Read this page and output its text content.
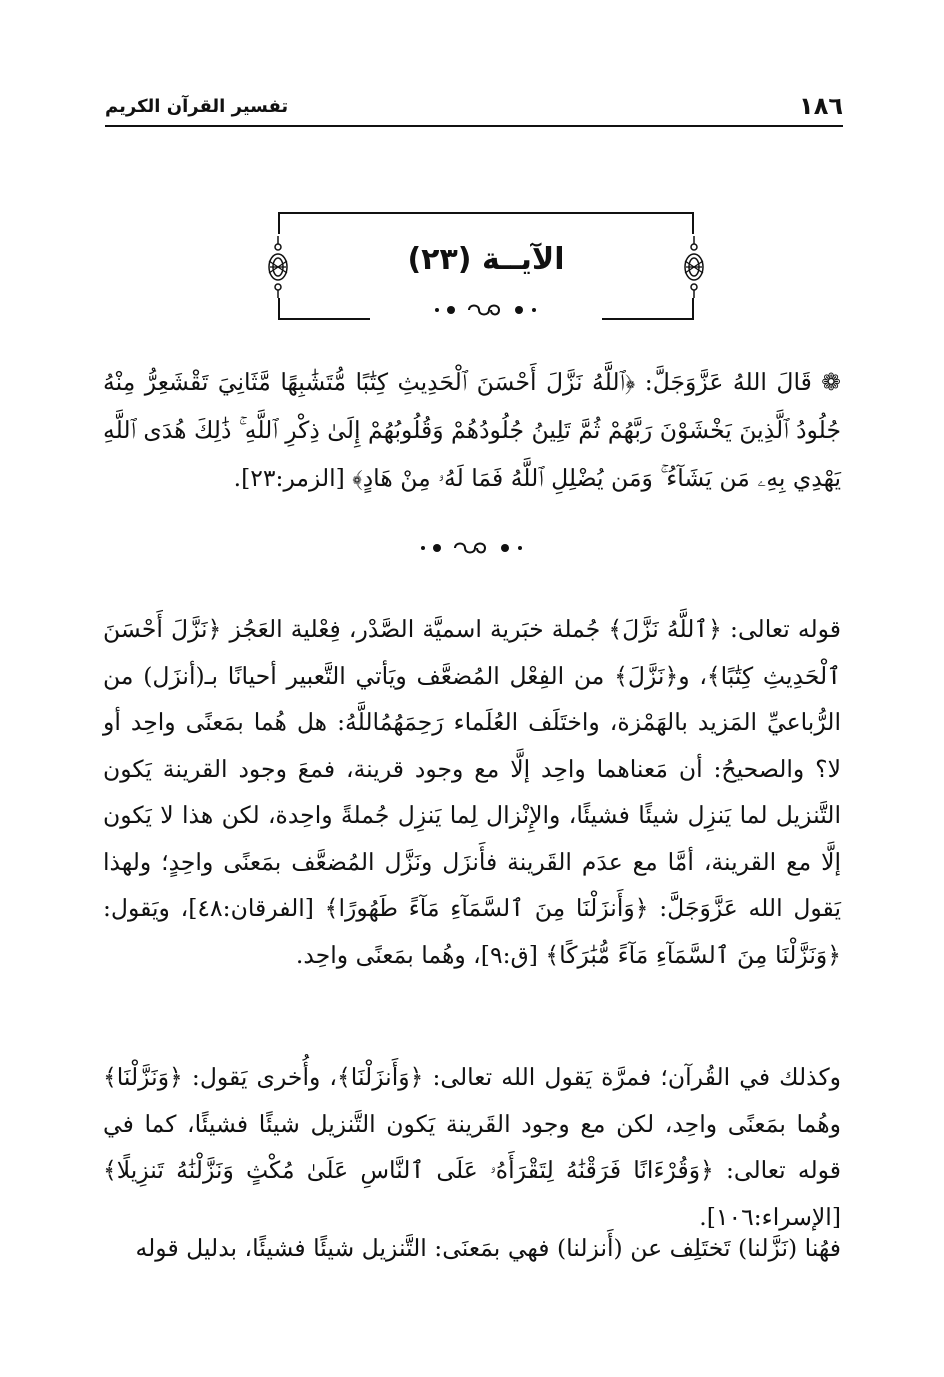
١٨٦
تفسير القرآن الكريم
الآيــة (٢٣)

❁ قَالَ اللهُ عَزَّوَجَلَّ: ﴿ٱللَّهُ نَزَّلَ أَحْسَنَ ٱلْحَدِيثِ كِتَٰبًا مُّتَشَٰبِهًا مَّثَانِيَ تَقْشَعِرُّ مِنْهُ جُلُودُ ٱلَّذِينَ يَخْشَوْنَ رَبَّهُمْ ثُمَّ تَلِينُ جُلُودُهُمْ وَقُلُوبُهُمْ إِلَىٰ ذِكْرِ ٱللَّهِ ۚ ذَٰلِكَ هُدَى ٱللَّهِ يَهْدِي بِهِۦ مَن يَشَآءُ ۚ وَمَن يُضْلِلِ ٱللَّهُ فَمَا لَهُۥ مِنْ هَادٍ﴾ [الزمر:٢٣].

قوله تعالى: ﴿ٱللَّهُ نَزَّلَ﴾ جُملة خبَرية اسميَّة الصَّدْر، فِعْلية العَجُز ﴿نَزَّلَ أَحْسَنَ ٱلْحَدِيثِ كِتَٰبًا﴾، و﴿نَزَّلَ﴾ من الفِعْل المُضعَّف ويَأتي التَّعبير أحيانًا بـ(أنزَل) من الرُّباعيِّ المَزيد بالهَمْزة، واختَلَف العُلَماء رَحِمَهُمُاللَّهُ: هل هُما بمَعنًى واحِد أو لا؟ والصحيحُ: أن مَعناهما واحِد إلَّا مع وجود قرينة، فمعَ وجود القرينة يَكون التَّنزيل لما يَنزِل شيئًا فشيئًا، والإِنْزال لِما يَنزِل جُملةً واحِدة، لكن هذا لا يَكون إلَّا مع القرينة، أمَّا مع عدَم القَرينة فأَنزَل ونَزَّل المُضعَّف بمَعنًى واحِدٍ؛ ولهذا يَقول الله عَزَّوَجَلَّ: ﴿وَأَنزَلْنَا مِنَ ٱلسَّمَآءِ مَآءً طَهُورًا﴾ [الفرقان:٤٨]، ويَقول: ﴿وَنَزَّلْنَا مِنَ ٱلسَّمَآءِ مَآءً مُّبَٰرَكًا﴾ [ق:٩]، وهُما بمَعنًى واحِد.

وكذلك في القُرآن؛ فمرَّة يَقول الله تعالى: ﴿وَأَنزَلْنَا﴾، وأُخرى يَقول: ﴿وَنَزَّلْنَا﴾ وهُما بمَعنًى واحِد، لكن مع وجود القَرينة يَكون التَّنزيل شيئًا فشيئًا، كما في قوله تعالى: ﴿وَقُرْءَانًا فَرَقْنَٰهُ لِتَقْرَأَهُۥ عَلَى ٱلنَّاسِ عَلَىٰ مُكْثٍ وَنَزَّلْنَٰهُ تَنزِيلًا﴾ [الإسراء:١٠٦].

فهُنا (نَزَّلنا) تَختَلِف عن (أَنزلنا) فهي بمَعنَى: التَّنزيل شيئًا فشيئًا، بدليل قوله
